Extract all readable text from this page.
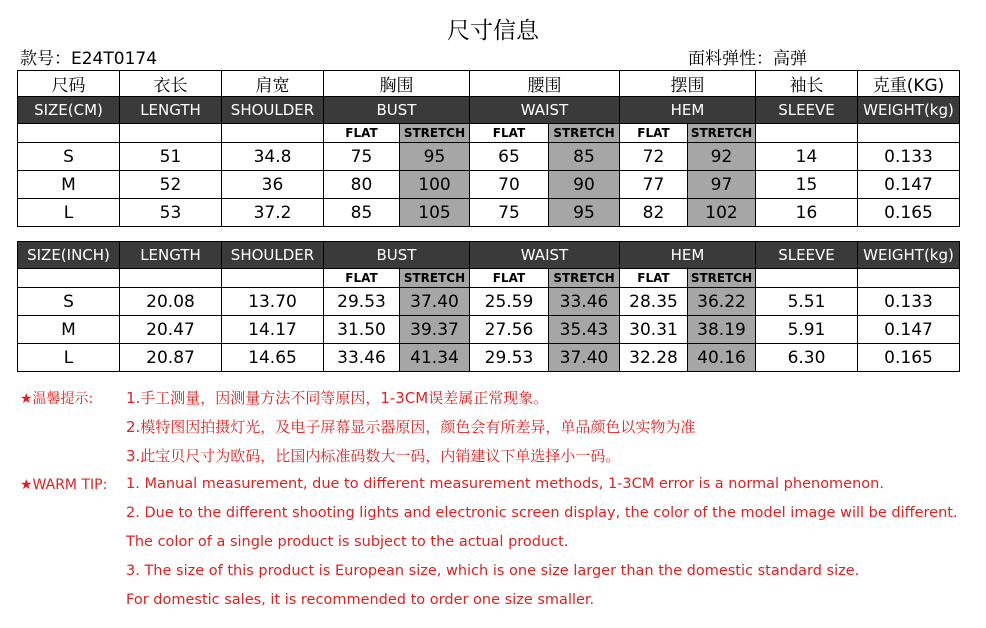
尺寸信息
款号：E24T0174	面料弹性：高弹
尺码	衣长	肩宽	胸围		腰围		摆围		袖长	克重(KG)
SIZE(CM)	LENGTH	SHOULDER	BUST		WAIST		HEM		SLEEVE	WEIGHT(kg)
			FLAT	STRETCH	FLAT	STRETCH	FLAT	STRETCH		
S	51	34.8	75	95	65	85	72	92	14	0.133
M	52	36	80	100	70	90	77	97	15	0.147
L	53	37.2	85	105	75	95	82	102	16	0.165
SIZE(INCH)	LENGTH	SHOULDER	BUST		WAIST		HEM		SLEEVE	WEIGHT(kg)
			FLAT	STRETCH	FLAT	STRETCH	FLAT	STRETCH		
S	20.08	13.70	29.53	37.40	25.59	33.46	28.35	36.22	5.51	0.133
M	20.47	14.17	31.50	39.37	27.56	35.43	30.31	38.19	5.91	0.147
L	20.87	14.65	33.46	41.34	29.53	37.40	32.28	40.16	6.30	0.165
★温馨提示: 1.手工测量，因测量方法不同等原因，1-3CM误差属正常现象。
2.模特图因拍摄灯光，及电子屏幕显示器原因，颜色会有所差异，单品颜色以实物为准
3.此宝贝尺寸为欧码，比国内标准码数大一码，内销建议下单选择小一码。
★WARM TIP: 1. Manual measurement, due to different measurement methods, 1-3CM error is a normal phenomenon.
2. Due to the different shooting lights and electronic screen display, the color of the model image will be different.
The color of a single product is subject to the actual product.
3. The size of this product is European size, which is one size larger than the domestic standard size.
For domestic sales, it is recommended to order one size smaller.
